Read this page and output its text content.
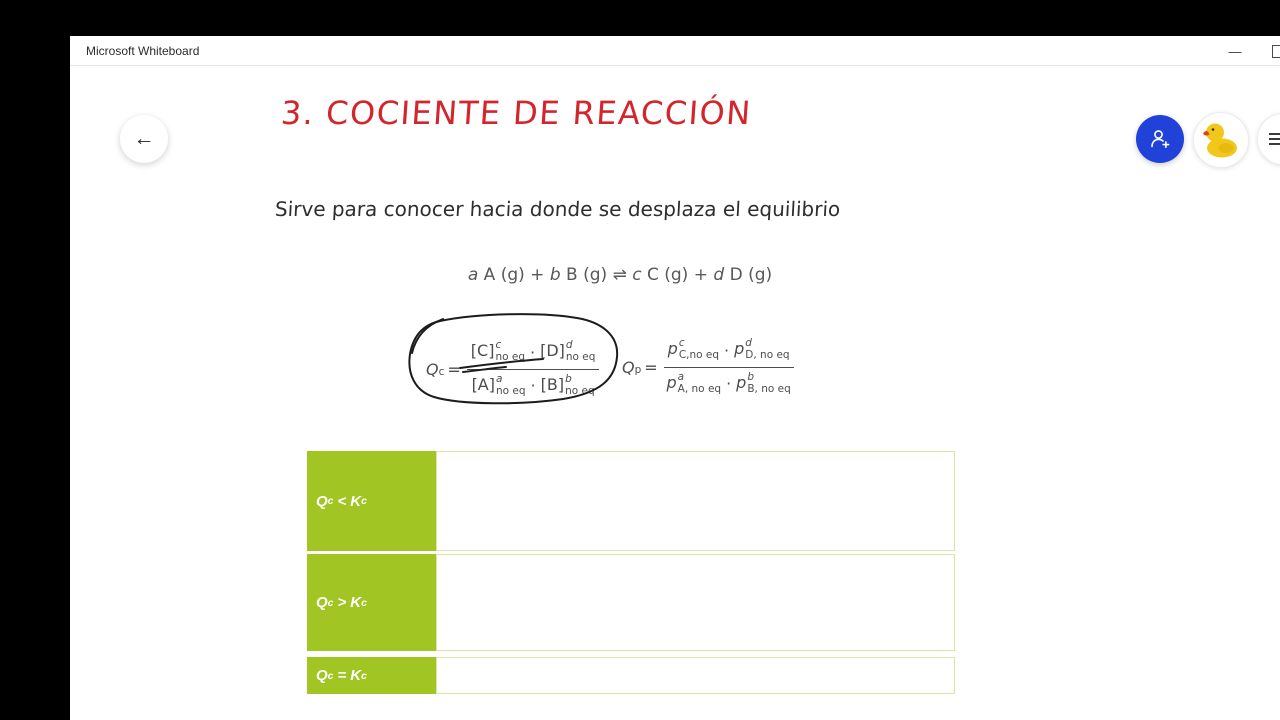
Microsoft Whiteboard	—
←
3. COCIENTE DE REACCIÓN
Sirve para conocer hacia donde se desplaza el equilibrio
a A (g) + b B (g) ⇌ c C (g) + d D (g)
Q c = [C] c
no eq · [D] d
no eq
[A] a
no eq · [B] b
no eq Q p = p c
C,no eq · p d
D, no eq
p a
A, no eq · p b
B, no eq
Q c < K c
Q c > K c
Q c = K c
